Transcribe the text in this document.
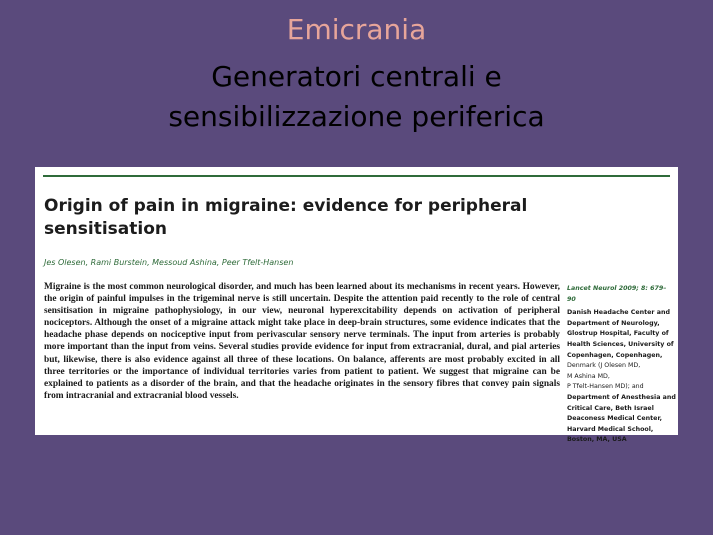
Emicrania
Generatori centrali e
sensibilizzazione periferica
Origin of pain in migraine: evidence for peripheral sensitisation
Jes Olesen, Rami Burstein, Messoud Ashina, Peer Tfelt-Hansen
Migraine is the most common neurological disorder, and much has been learned about its mechanisms in recent years. However, the origin of painful impulses in the trigeminal nerve is still uncertain. Despite the attention paid recently to the role of central sensitisation in migraine pathophysiology, in our view, neuronal hyperexcitability depends on activation of peripheral nociceptors. Although the onset of a migraine attack might take place in deep-brain structures, some evidence indicates that the headache phase depends on nociceptive input from perivascular sensory nerve terminals. The input from arteries is probably more important than the input from veins. Several studies provide evidence for input from extracranial, dural, and pial arteries but, likewise, there is also evidence against all three of these locations. On balance, afferents are most probably excited in all three territories or the importance of individual territories varies from patient to patient. We suggest that migraine can be explained to patients as a disorder of the brain, and that the headache originates in the sensory fibres that convey pain signals from intracranial and extracranial blood vessels.
Lancet Neurol 2009; 8: 679–90
Danish Headache Center and
Department of Neurology,
Glostrup Hospital, Faculty of
Health Sciences, University of
Copenhagen, Copenhagen,
Denmark (J Olesen MD,
M Ashina MD,
P Tfelt-Hansen MD); and
Department of Anesthesia and
Critical Care, Beth Israel
Deaconess Medical Center,
Harvard Medical School,
Boston, MA, USA
